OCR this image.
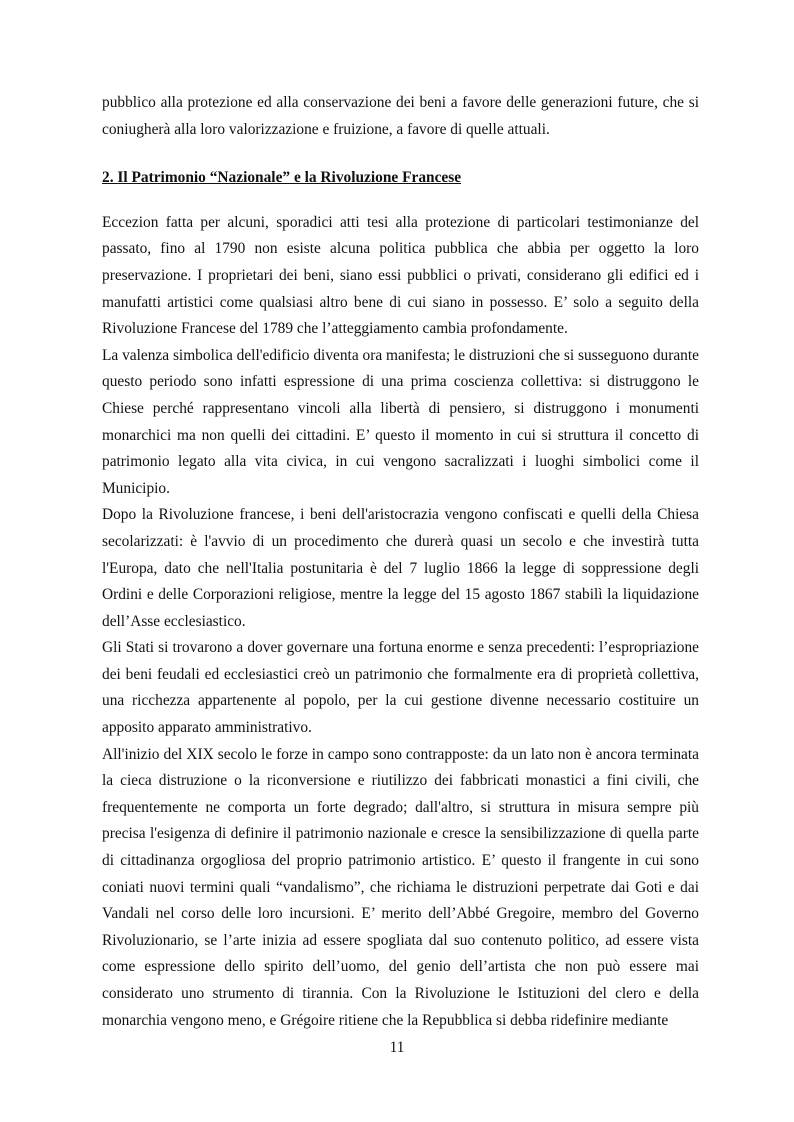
pubblico alla protezione ed alla conservazione dei beni a favore delle generazioni future, che si coniugherà alla loro valorizzazione e fruizione, a favore di quelle attuali.

2. Il Patrimonio “Nazionale” e la Rivoluzione Francese

Eccezion fatta per alcuni, sporadici atti tesi alla protezione di particolari testimonianze del passato, fino al 1790 non esiste alcuna politica pubblica che abbia per oggetto la loro preservazione. I proprietari dei beni, siano essi pubblici o privati, considerano gli edifici ed i manufatti artistici come qualsiasi altro bene di cui siano in possesso. E’ solo a seguito della Rivoluzione Francese del 1789 che l’atteggiamento cambia profondamente.

La valenza simbolica dell'edificio diventa ora manifesta; le distruzioni che si susseguono durante questo periodo sono infatti espressione di una prima coscienza collettiva: si distruggono le Chiese perché rappresentano vincoli alla libertà di pensiero, si distruggono i monumenti monarchici ma non quelli dei cittadini. E’ questo il momento in cui si struttura il concetto di patrimonio legato alla vita civica, in cui vengono sacralizzati i luoghi simbolici come il Municipio.

Dopo la Rivoluzione francese, i beni dell'aristocrazia vengono confiscati e quelli della Chiesa secolarizzati: è l'avvio di un procedimento che durerà quasi un secolo e che investirà tutta l'Europa, dato che nell'Italia postunitaria è del 7 luglio 1866 la legge di soppressione degli Ordini e delle Corporazioni religiose, mentre la legge del 15 agosto 1867 stabilì la liquidazione dell’Asse ecclesiastico.

Gli Stati si trovarono a dover governare una fortuna enorme e senza precedenti: l’espropriazione dei beni feudali ed ecclesiastici creò un patrimonio che formalmente era di proprietà collettiva, una ricchezza appartenente al popolo, per la cui gestione divenne necessario costituire un apposito apparato amministrativo.

All'inizio del XIX secolo le forze in campo sono contrapposte: da un lato non è ancora terminata la cieca distruzione o la riconversione e riutilizzo dei fabbricati monastici a fini civili, che frequentemente ne comporta un forte degrado; dall'altro, si struttura in misura sempre più precisa l'esigenza di definire il patrimonio nazionale e cresce la sensibilizzazione di quella parte di cittadinanza orgogliosa del proprio patrimonio artistico. E’ questo il frangente in cui sono coniati nuovi termini quali “vandalismo”, che richiama le distruzioni perpetrate dai Goti e dai Vandali nel corso delle loro incursioni. E’ merito dell’Abbé Gregoire, membro del Governo Rivoluzionario, se l’arte inizia ad essere spogliata dal suo contenuto politico, ad essere vista come espressione dello spirito dell’uomo, del genio dell’artista che non può essere mai considerato uno strumento di tirannia. Con la Rivoluzione le Istituzioni del clero e della monarchia vengono meno, e Grégoire ritiene che la Repubblica si debba ridefinire mediante

11
